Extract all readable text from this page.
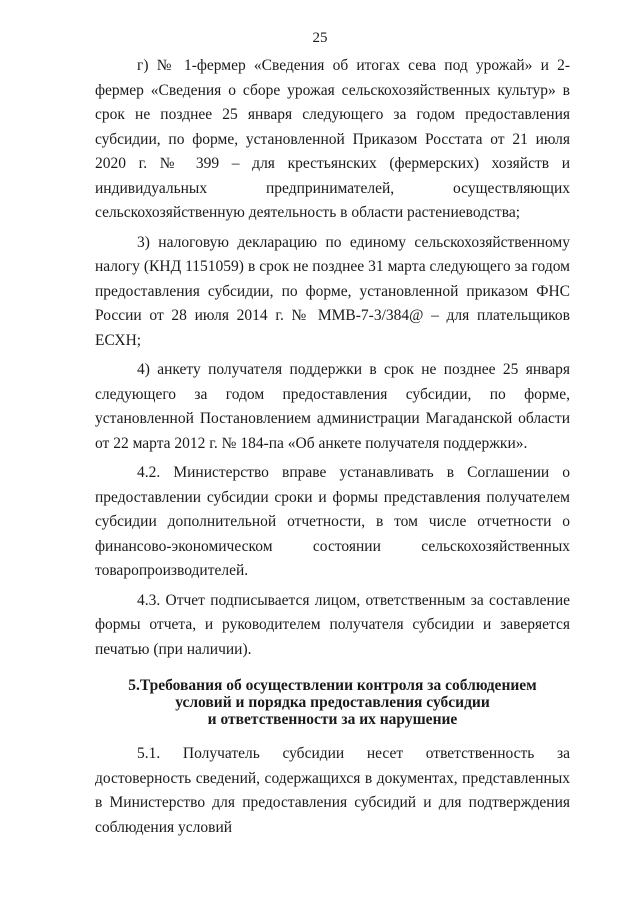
25

г) № 1-фермер «Сведения об итогах сева под урожай» и 2-фермер «Сведения о сборе урожая сельскохозяйственных культур» в срок не позднее 25 января следующего за годом предоставления субсидии, по форме, установленной Приказом Росстата от 21 июля 2020 г. № 399 – для крестьянских (фермерских) хозяйств и индивидуальных предпринимателей, осуществляющих сельскохозяйственную деятельность в области растениеводства;

3) налоговую декларацию по единому сельскохозяйственному налогу (КНД 1151059) в срок не позднее 31 марта следующего за годом предоставления субсидии, по форме, установленной приказом ФНС России от 28 июля 2014 г. № ММВ-7-3/384@ – для плательщиков ЕСХН;

4) анкету получателя поддержки в срок не позднее 25 января следующего за годом предоставления субсидии, по форме, установленной Постановлением администрации Магаданской области от 22 марта 2012 г. № 184-па «Об анкете получателя поддержки».

4.2. Министерство вправе устанавливать в Соглашении о предоставлении субсидии сроки и формы представления получателем субсидии дополнительной отчетности, в том числе отчетности о финансово-экономическом состоянии сельскохозяйственных товаропроизводителей.

4.3. Отчет подписывается лицом, ответственным за составление формы отчета, и руководителем получателя субсидии и заверяется печатью (при наличии).

5.Требования об осуществлении контроля за соблюдением
условий и порядка предоставления субсидии
и ответственности за их нарушение

5.1. Получатель субсидии несет ответственность за достоверность сведений, содержащихся в документах, представленных в Министерство для предоставления субсидий и для подтверждения соблюдения условий
